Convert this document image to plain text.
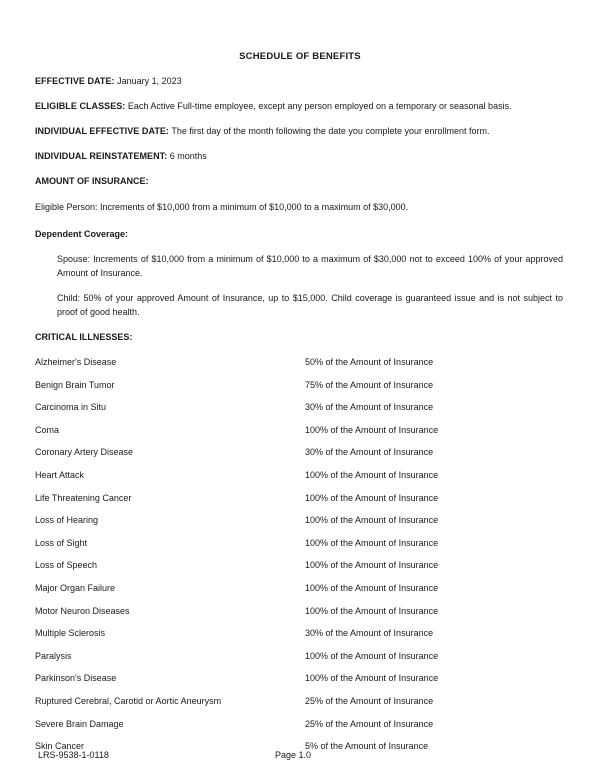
SCHEDULE OF BENEFITS

EFFECTIVE DATE: January 1, 2023

ELIGIBLE CLASSES: Each Active Full-time employee, except any person employed on a temporary or seasonal basis.

INDIVIDUAL EFFECTIVE DATE: The first day of the month following the date you complete your enrollment form.

INDIVIDUAL REINSTATEMENT: 6 months

AMOUNT OF INSURANCE:

Eligible Person: Increments of $10,000 from a minimum of $10,000 to a maximum of $30,000.

Dependent Coverage:

Spouse: Increments of $10,000 from a minimum of $10,000 to a maximum of $30,000 not to exceed 100% of your approved Amount of Insurance.

Child: 50% of your approved Amount of Insurance, up to $15,000. Child coverage is guaranteed issue and is not subject to proof of good health.

CRITICAL ILLNESSES:
Alzheimer's Disease	50% of the Amount of Insurance
Benign Brain Tumor	75% of the Amount of Insurance
Carcinoma in Situ	30% of the Amount of Insurance
Coma	100% of the Amount of Insurance
Coronary Artery Disease	30% of the Amount of Insurance
Heart Attack	100% of the Amount of Insurance
Life Threatening Cancer	100% of the Amount of Insurance
Loss of Hearing	100% of the Amount of Insurance
Loss of Sight	100% of the Amount of Insurance
Loss of Speech	100% of the Amount of Insurance
Major Organ Failure	100% of the Amount of Insurance
Motor Neuron Diseases	100% of the Amount of Insurance
Multiple Sclerosis	30% of the Amount of Insurance
Paralysis	100% of the Amount of Insurance
Parkinson's Disease	100% of the Amount of Insurance
Ruptured Cerebral, Carotid or Aortic Aneurysm	25% of the Amount of Insurance
Severe Brain Damage	25% of the Amount of Insurance
Skin Cancer	5% of the Amount of Insurance
LRS-9538-1-0118	Page 1.0
